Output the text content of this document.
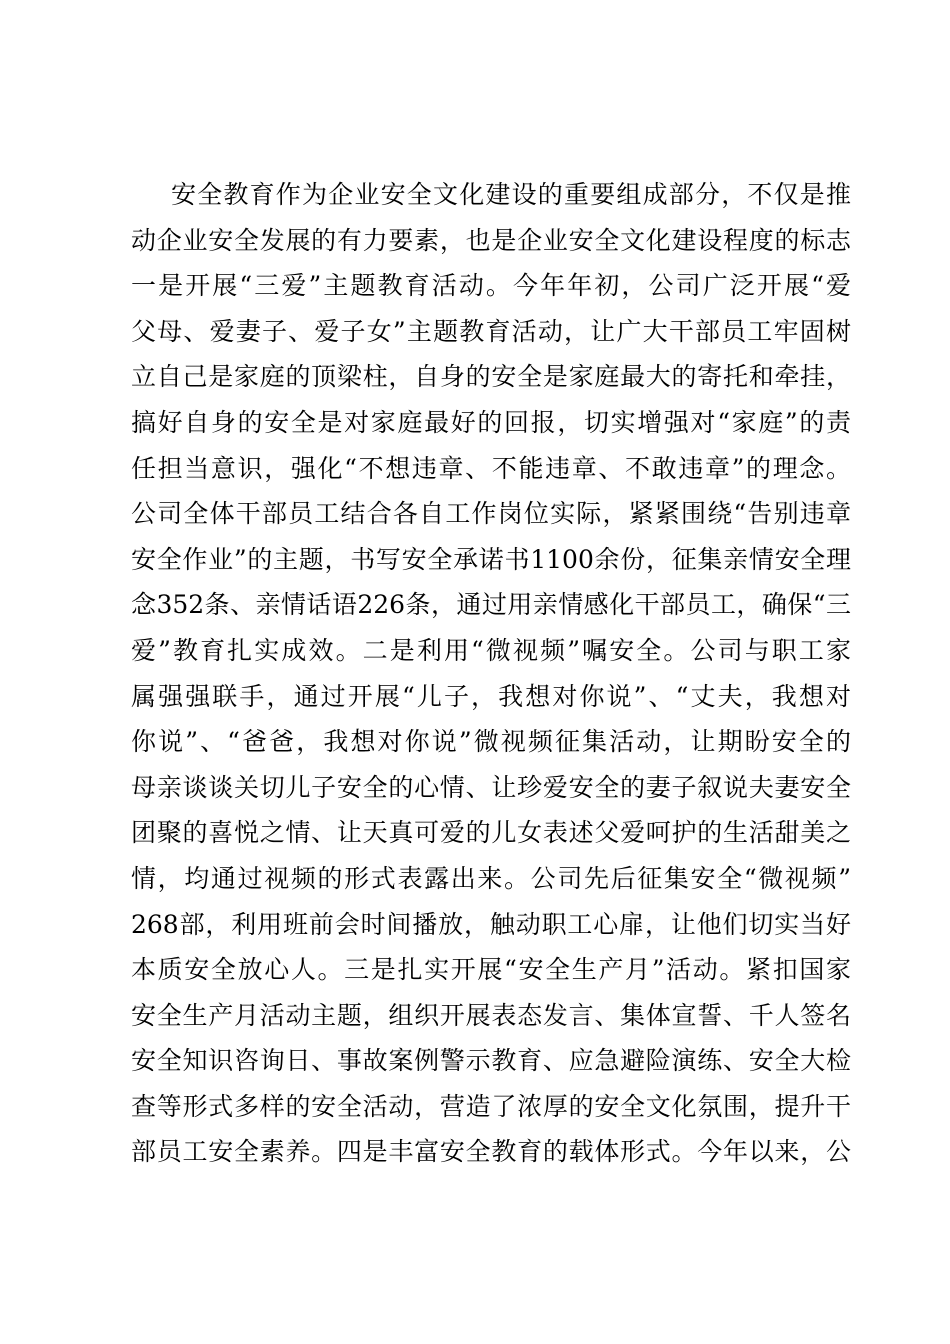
安全教育作为企业安全文化建设的重要组成部分，不仅是推
动企业安全发展的有力要素，也是企业安全文化建设程度的标志
一是开展“三爱”主题教育活动。今年年初，公司广泛开展“爱
父母、爱妻子、爱子女”主题教育活动，让广大干部员工牢固树
立自己是家庭的顶梁柱，自身的安全是家庭最大的寄托和牵挂，
搞好自身的安全是对家庭最好的回报，切实增强对“家庭”的责
任担当意识，强化“不想违章、不能违章、不敢违章”的理念。
公司全体干部员工结合各自工作岗位实际，紧紧围绕“告别违章
安全作业”的主题，书写安全承诺书1100余份，征集亲情安全理
念352条、亲情话语226条，通过用亲情感化干部员工，确保“三
爱”教育扎实成效。二是利用“微视频”嘱安全。公司与职工家
属强强联手，通过开展“儿子，我想对你说”、“丈夫，我想对
你说”、“爸爸，我想对你说”微视频征集活动，让期盼安全的
母亲谈谈关切儿子安全的心情、让珍爱安全的妻子叙说夫妻安全
团聚的喜悦之情、让天真可爱的儿女表述父爱呵护的生活甜美之
情，均通过视频的形式表露出来。公司先后征集安全“微视频”
268部，利用班前会时间播放，触动职工心扉，让他们切实当好
本质安全放心人。三是扎实开展“安全生产月”活动。紧扣国家
安全生产月活动主题，组织开展表态发言、集体宣誓、千人签名
安全知识咨询日、事故案例警示教育、应急避险演练、安全大检
查等形式多样的安全活动，营造了浓厚的安全文化氛围，提升干
部员工安全素养。四是丰富安全教育的载体形式。今年以来，公
